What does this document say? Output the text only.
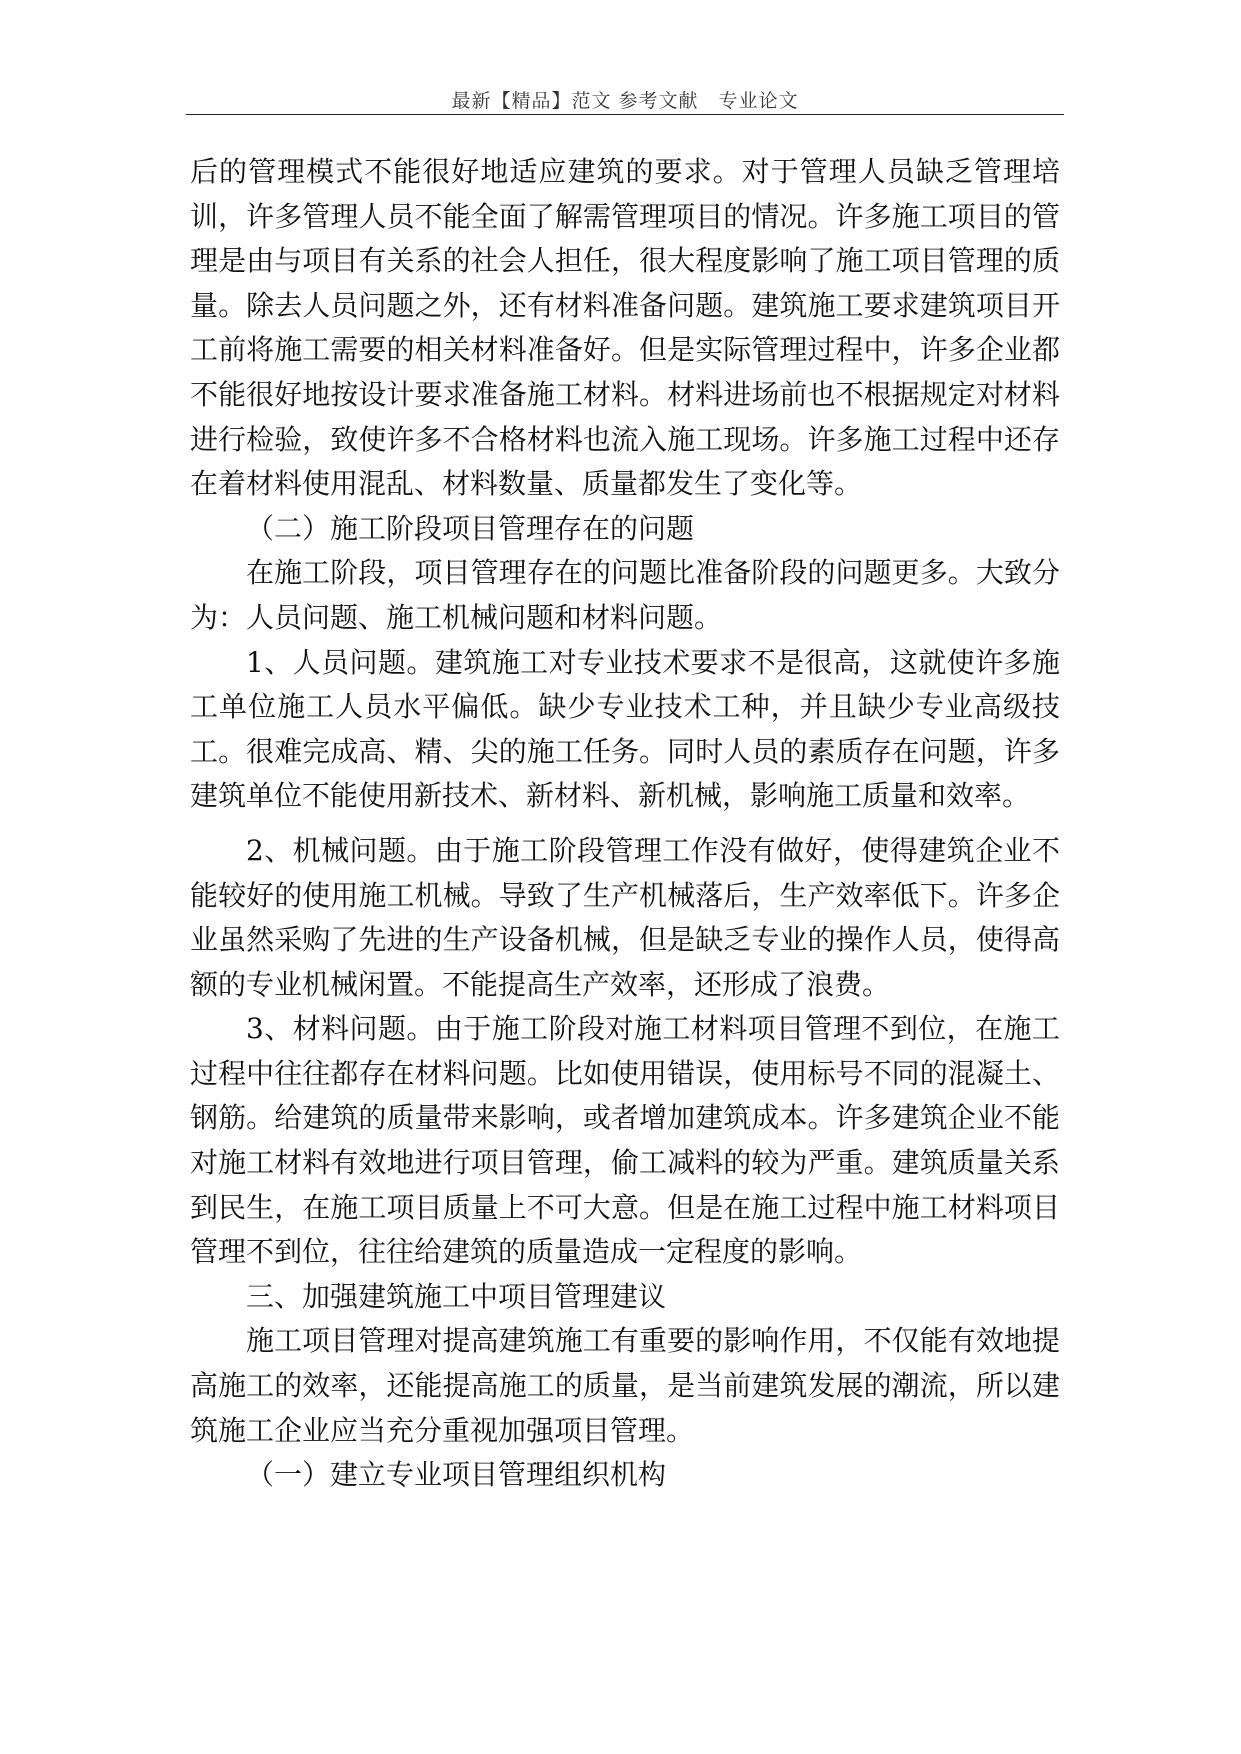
最新【精品】范文 参考文献　专业论文

后的管理模式不能很好地适应建筑的要求。对于管理人员缺乏管理培训，许多管理人员不能全面了解需管理项目的情况。许多施工项目的管理是由与项目有关系的社会人担任，很大程度影响了施工项目管理的质量。除去人员问题之外，还有材料准备问题。建筑施工要求建筑项目开工前将施工需要的相关材料准备好。但是实际管理过程中，许多企业都不能很好地按设计要求准备施工材料。材料进场前也不根据规定对材料进行检验，致使许多不合格材料也流入施工现场。许多施工过程中还存在着材料使用混乱、材料数量、质量都发生了变化等。

（二）施工阶段项目管理存在的问题

在施工阶段，项目管理存在的问题比准备阶段的问题更多。大致分为：人员问题、施工机械问题和材料问题。

1、人员问题。建筑施工对专业技术要求不是很高，这就使许多施工单位施工人员水平偏低。缺少专业技术工种，并且缺少专业高级技工。很难完成高、精、尖的施工任务。同时人员的素质存在问题，许多建筑单位不能使用新技术、新材料、新机械，影响施工质量和效率。

2、机械问题。由于施工阶段管理工作没有做好，使得建筑企业不能较好的使用施工机械。导致了生产机械落后，生产效率低下。许多企业虽然采购了先进的生产设备机械，但是缺乏专业的操作人员，使得高额的专业机械闲置。不能提高生产效率，还形成了浪费。

3、材料问题。由于施工阶段对施工材料项目管理不到位，在施工过程中往往都存在材料问题。比如使用错误，使用标号不同的混凝土、钢筋。给建筑的质量带来影响，或者增加建筑成本。许多建筑企业不能对施工材料有效地进行项目管理，偷工减料的较为严重。建筑质量关系到民生，在施工项目质量上不可大意。但是在施工过程中施工材料项目管理不到位，往往给建筑的质量造成一定程度的影响。

三、加强建筑施工中项目管理建议

施工项目管理对提高建筑施工有重要的影响作用，不仅能有效地提高施工的效率，还能提高施工的质量，是当前建筑发展的潮流，所以建筑施工企业应当充分重视加强项目管理。

（一）建立专业项目管理组织机构
